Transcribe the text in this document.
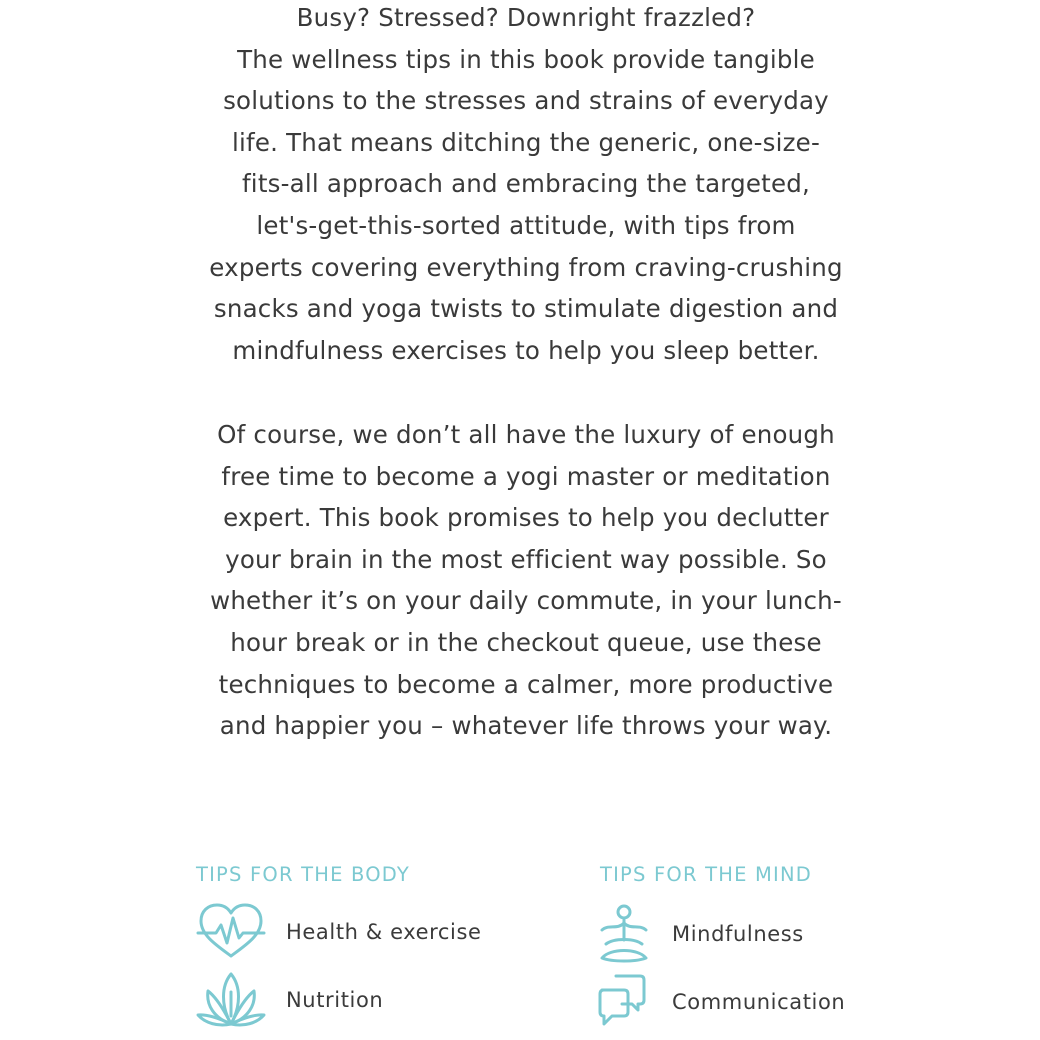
Busy? Stressed? Downright frazzled?
The wellness tips in this book provide tangible
solutions to the stresses and strains of everyday
life. That means ditching the generic, one-size-
fits-all approach and embracing the targeted,
let's-get-this-sorted attitude, with tips from
experts covering everything from craving-crushing
snacks and yoga twists to stimulate digestion and
mindfulness exercises to help you sleep better.
Of course, we don’t all have the luxury of enough
free time to become a yogi master or meditation
expert. This book promises to help you declutter
your brain in the most efficient way possible. So
whether it’s on your daily commute, in your lunch-
hour break or in the checkout queue, use these
techniques to become a calmer, more productive
and happier you – whatever life throws your way.
TIPS FOR THE BODY
Health & exercise
Nutrition
TIPS FOR THE MIND
Mindfulness
Communication
